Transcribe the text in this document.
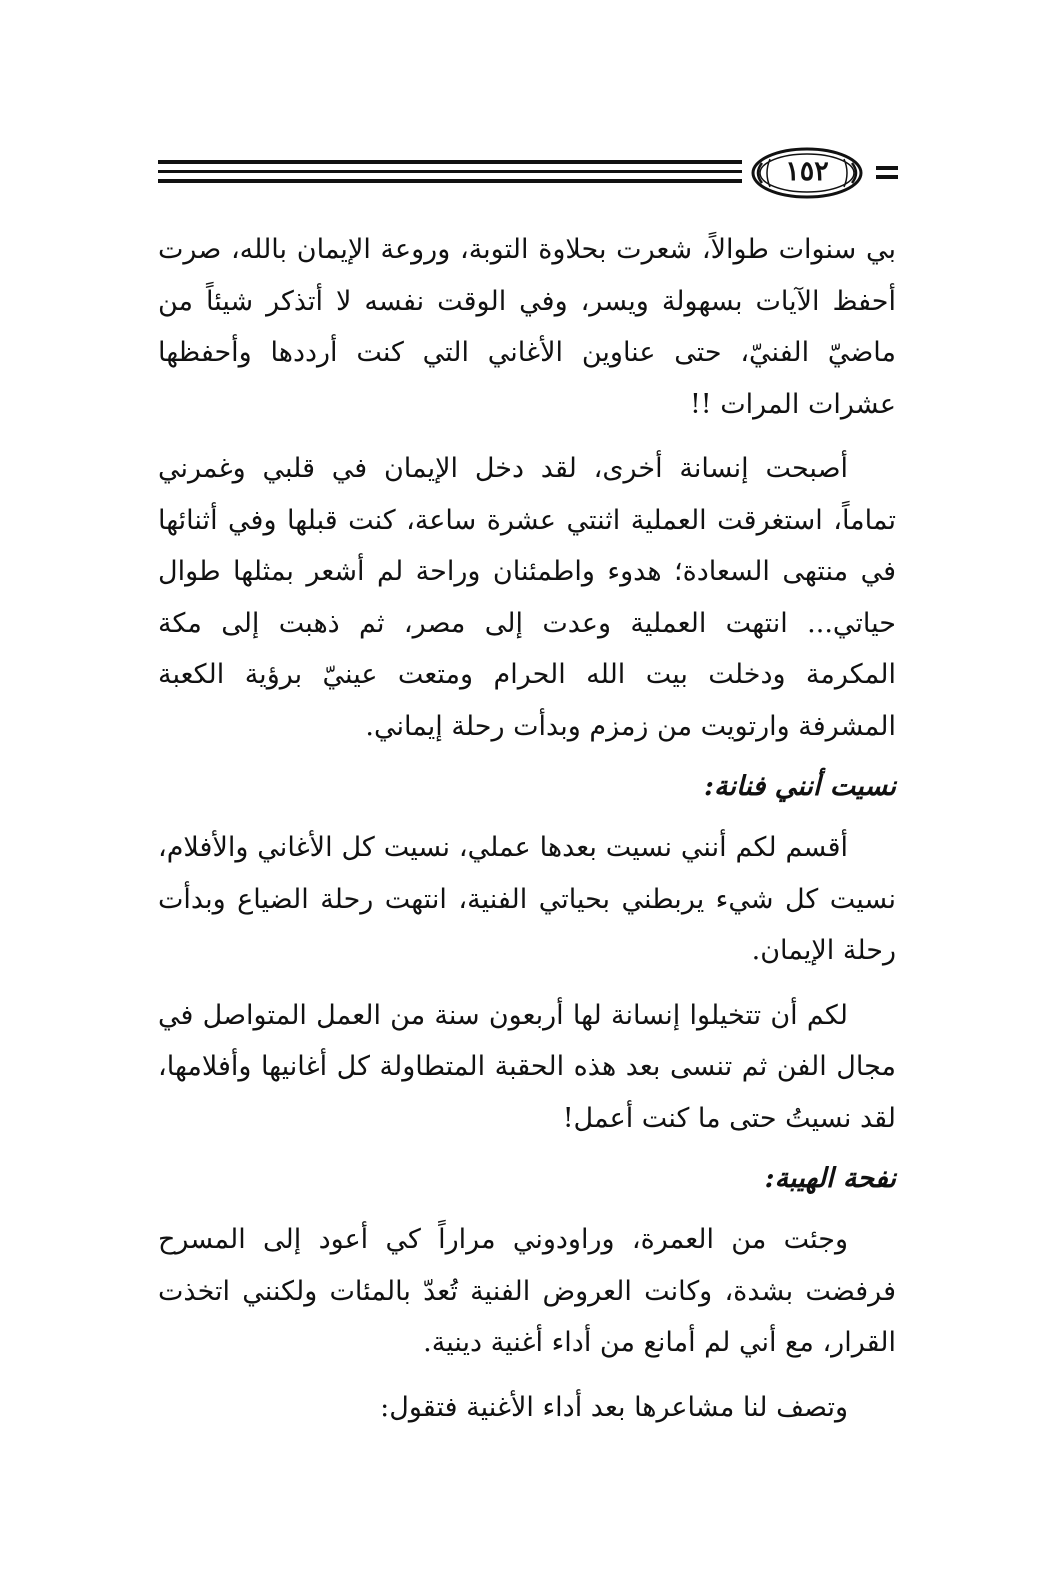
١٥٢

بي سنوات طوالاً، شعرت بحلاوة التوبة، وروعة الإيمان بالله، صرت أحفظ الآيات بسهولة ويسر، وفي الوقت نفسه لا أتذكر شيئاً من ماضيّ الفنيّ، حتى عناوين الأغاني التي كنت أرددها وأحفظها عشرات المرات !!

أصبحت إنسانة أخرى، لقد دخل الإيمان في قلبي وغمرني تماماً، استغرقت العملية اثنتي عشرة ساعة، كنت قبلها وفي أثنائها في منتهى السعادة؛ هدوء واطمئنان وراحة لم أشعر بمثلها طوال حياتي... انتهت العملية وعدت إلى مصر، ثم ذهبت إلى مكة المكرمة ودخلت بيت الله الحرام ومتعت عينيّ برؤية الكعبة المشرفة وارتويت من زمزم وبدأت رحلة إيماني.

نسيت أنني فنانة:

أقسم لكم أنني نسيت بعدها عملي، نسيت كل الأغاني والأفلام، نسيت كل شيء يربطني بحياتي الفنية، انتهت رحلة الضياع وبدأت رحلة الإيمان.

لكم أن تتخيلوا إنسانة لها أربعون سنة من العمل المتواصل في مجال الفن ثم تنسى بعد هذه الحقبة المتطاولة كل أغانيها وأفلامها، لقد نسيتُ حتى ما كنت أعمل!

نفحة الهيبة:

وجئت من العمرة، وراودوني مراراً كي أعود إلى المسرح فرفضت بشدة، وكانت العروض الفنية تُعدّ بالمئات ولكنني اتخذت القرار، مع أني لم أمانع من أداء أغنية دينية.

وتصف لنا مشاعرها بعد أداء الأغنية فتقول:
